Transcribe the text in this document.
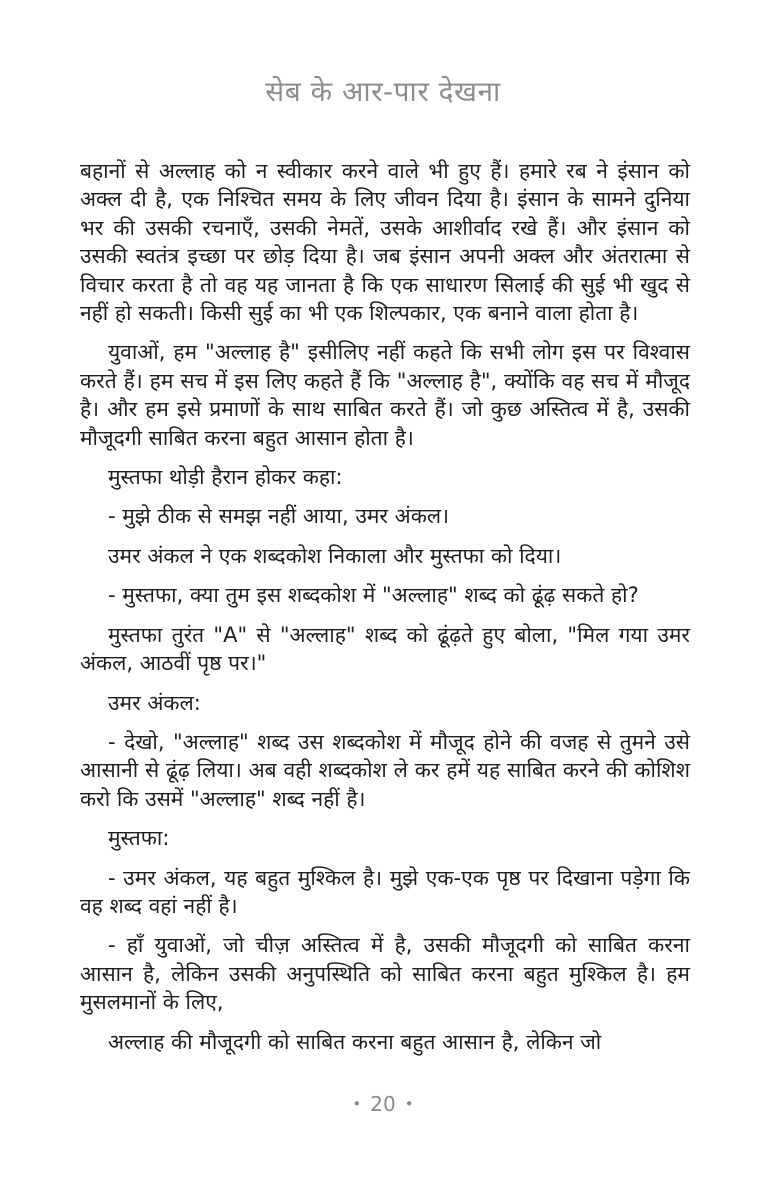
सेब के आर-पार देखना

बहानों से अल्लाह को न स्वीकार करने वाले भी हुए हैं। हमारे रब ने इंसान को अक्ल दी है, एक निश्चित समय के लिए जीवन दिया है। इंसान के सामने दुनिया भर की उसकी रचनाएँ, उसकी नेमतें, उसके आशीर्वाद रखे हैं। और इंसान को उसकी स्वतंत्र इच्छा पर छोड़ दिया है। जब इंसान अपनी अक्ल और अंतरात्मा से विचार करता है तो वह यह जानता है कि एक साधारण सिलाई की सुई भी खुद से नहीं हो सकती। किसी सुई का भी एक शिल्पकार, एक बनाने वाला होता है।

युवाओं, हम "अल्लाह है" इसीलिए नहीं कहते कि सभी लोग इस पर विश्वास करते हैं। हम सच में इस लिए कहते हैं कि "अल्लाह है", क्योंकि वह सच में मौजूद है। और हम इसे प्रमाणों के साथ साबित करते हैं। जो कुछ अस्तित्व में है, उसकी मौजूदगी साबित करना बहुत आसान होता है।

मुस्तफा थोड़ी हैरान होकर कहा:

- मुझे ठीक से समझ नहीं आया, उमर अंकल।

उमर अंकल ने एक शब्दकोश निकाला और मुस्तफा को दिया।

- मुस्तफा, क्या तुम इस शब्दकोश में "अल्लाह" शब्द को ढूंढ़ सकते हो?

मुस्तफा तुरंत "A" से "अल्लाह" शब्द को ढूंढ़ते हुए बोला, "मिल गया उमर अंकल, आठवीं पृष्ठ पर।"

उमर अंकल:

- देखो, "अल्लाह" शब्द उस शब्दकोश में मौजूद होने की वजह से तुमने उसे आसानी से ढूंढ़ लिया। अब वही शब्दकोश ले कर हमें यह साबित करने की कोशिश करो कि उसमें "अल्लाह" शब्द नहीं है।

मुस्तफा:

- उमर अंकल, यह बहुत मुश्किल है। मुझे एक-एक पृष्ठ पर दिखाना पड़ेगा कि वह शब्द वहां नहीं है।

- हाँ युवाओं, जो चीज़ अस्तित्व में है, उसकी मौजूदगी को साबित करना आसान है, लेकिन उसकी अनुपस्थिति को साबित करना बहुत मुश्किल है। हम मुसलमानों के लिए,

अल्लाह की मौजूदगी को साबित करना बहुत आसान है, लेकिन जो

• 20 •
